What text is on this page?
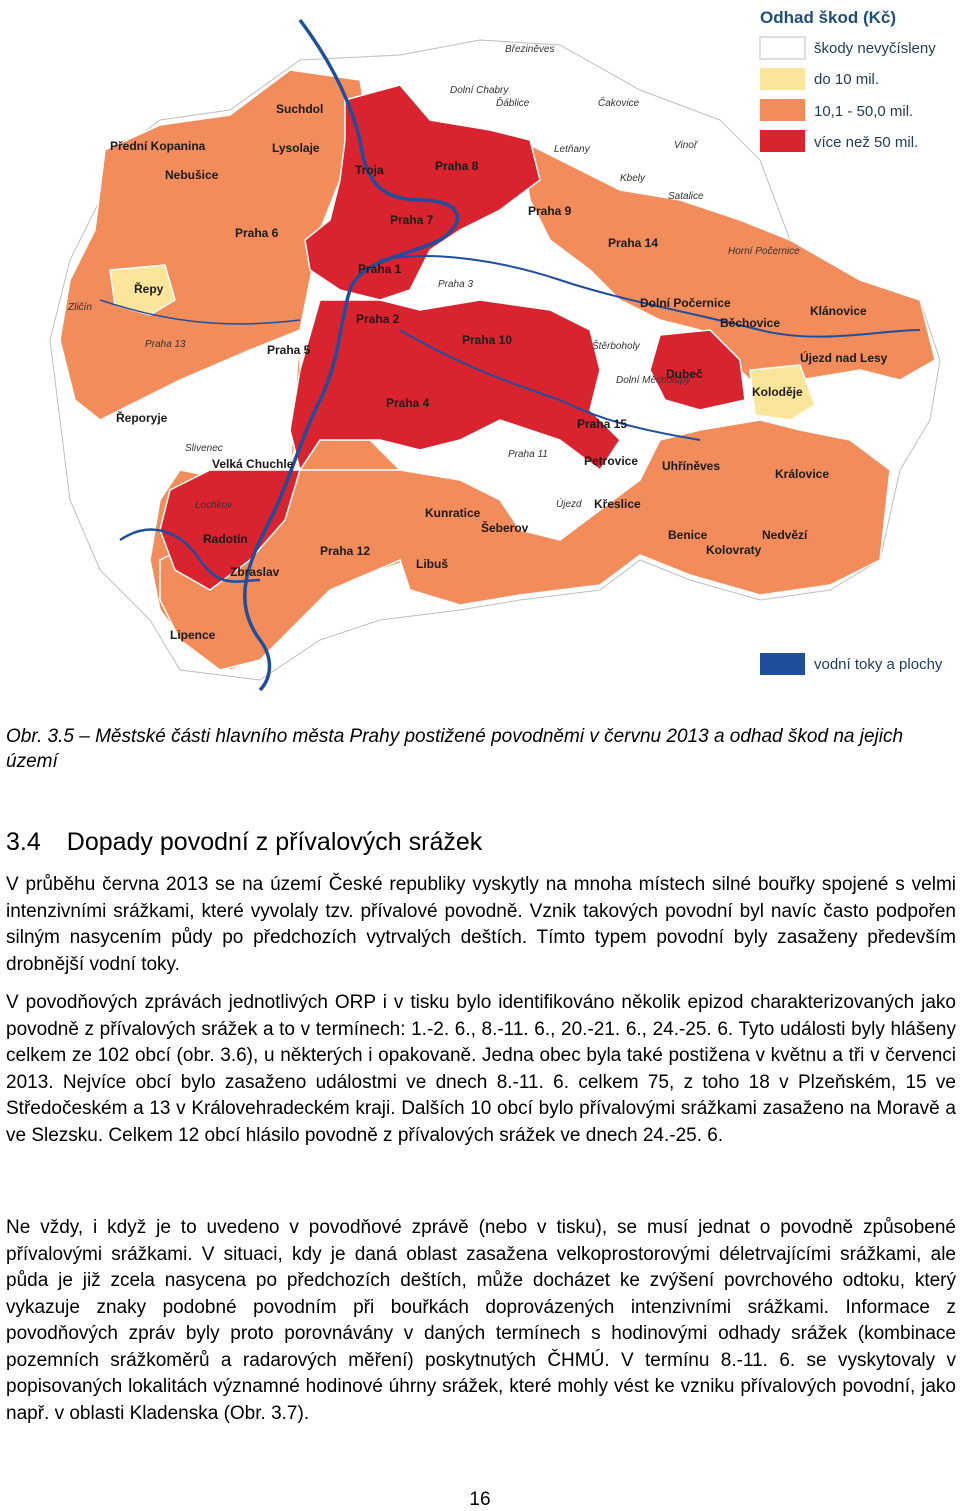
Suchdol
Přední Kopanina	Lysolaje
Nebušice	Troja	Praha 8
Praha 6
Praha 7
Praha 9
Praha 14
Praha 1
Řepy
Praha 2
Dolní Počernice
Klánovice
Běchovice
Praha 10
Praha 5
Dubeč
Újezd nad Lesy
Koloděje
Praha 4
Řeporyje	Praha 15
Velká Chuchle	Petrovice Uhříněves
Královice
Křeslice
Kunratice
Šeberov
Radotín	Benice	Nedvězí
Kolovraty
Praha 12
Libuš
Zbraslav
Lipence
Březiněves
Dolní Chabry
Ďáblice	Čakovice
Letňany	Vinoř
Kbely
Satalice
Horní Počernice
Zličín
Praha 3
Praha 13	Štěrboholy
Dolní Měcholupy
Slivenec
Praha 11
Lochkov	Újezd
Odhad škod (Kč)
škody nevyčísleny
do 10 mil.
10,1 - 50,0 mil.
více než 50 mil.
vodní toky a plochy
Obr. 3.5 – Městské části hlavního města Prahy postižené povodněmi v červnu 2013 a odhad škod na jejich území
3.4 Dopady povodní z přívalových srážek

V průběhu června 2013 se na území České republiky vyskytly na mnoha místech silné bouřky spojené s velmi intenzivními srážkami, které vyvolaly tzv. přívalové povodně. Vznik takových povodní byl navíc často podpořen silným nasycením půdy po předchozích vytrvalých deštích. Tímto typem povodní byly zasaženy především drobnější vodní toky.

V povodňových zprávách jednotlivých ORP i v tisku bylo identifikováno několik epizod charakterizovaných jako povodně z přívalových srážek a to v termínech: 1.-2. 6., 8.-11. 6., 20.-21. 6., 24.-25. 6. Tyto události byly hlášeny celkem ze 102 obcí (obr. 3.6), u některých i opakovaně. Jedna obec byla také postižena v květnu a tři v červenci 2013. Nejvíce obcí bylo zasaženo událostmi ve dnech 8.-11. 6. celkem 75, z toho 18 v Plzeňském, 15 ve Středočeském a 13 v Královehradeckém kraji. Dalších 10 obcí bylo přívalovými srážkami zasaženo na Moravě a ve Slezsku. Celkem 12 obcí hlásilo povodně z přívalových srážek ve dnech 24.-25. 6.

Ne vždy, i když je to uvedeno v povodňové zprávě (nebo v tisku), se musí jednat o povodně způsobené přívalovými srážkami. V situaci, kdy je daná oblast zasažena velkoprostorovými déletrvajícími srážkami, ale půda je již zcela nasycena po předchozích deštích, může docházet ke zvýšení povrchového odtoku, který vykazuje znaky podobné povodním při bouřkách doprovázených intenzivními srážkami. Informace z povodňových zpráv byly proto porovnávány v daných termínech s hodinovými odhady srážek (kombinace pozemních srážkoměrů a radarových měření) poskytnutých ČHMÚ. V termínu 8.-11. 6. se vyskytovaly v popisovaných lokalitách významné hodinové úhrny srážek, které mohly vést ke vzniku přívalových povodní, jako např. v oblasti Kladenska (Obr. 3.7).

16
